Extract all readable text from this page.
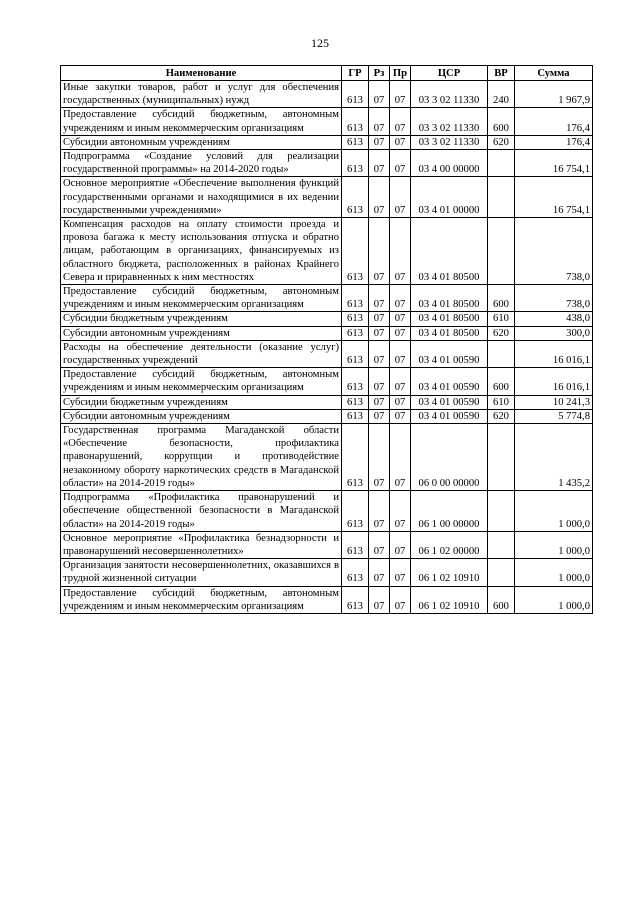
125
Наименование	ГР	Рз	Пр	ЦСР	ВР	Сумма
Иные закупки товаров, работ и услуг для обеспечения государственных (муниципальных) нужд	613	07	07	03 3 02 11330	240	1 967,9
Предоставление субсидий бюджетным, автономным учреждениям и иным некоммерческим организациям	613	07	07	03 3 02 11330	600	176,4
Субсидии автономным учреждениям	613	07	07	03 3 02 11330	620	176,4
Подпрограмма «Создание условий для реализации государственной программы» на 2014-2020 годы»	613	07	07	03 4 00 00000		16 754,1
Основное мероприятие «Обеспечение выполнения функций государственными органами и находящимися в их ведении государственными учреждениями»	613	07	07	03 4 01 00000		16 754,1
Компенсация расходов на оплату стоимости проезда и провоза багажа к месту использования отпуска и обратно лицам, работающим в организациях, финансируемых из областного бюджета, расположенных в районах Крайнего Севера и приравненных к ним местностях	613	07	07	03 4 01 80500		738,0
Предоставление субсидий бюджетным, автономным учреждениям и иным некоммерческим организациям	613	07	07	03 4 01 80500	600	738,0
Субсидии бюджетным учреждениям	613	07	07	03 4 01 80500	610	438,0
Субсидии автономным учреждениям	613	07	07	03 4 01 80500	620	300,0
Расходы на обеспечение деятельности (оказание услуг) государственных учреждений	613	07	07	03 4 01 00590		16 016,1
Предоставление субсидий бюджетным, автономным учреждениям и иным некоммерческим организациям	613	07	07	03 4 01 00590	600	16 016,1
Субсидии бюджетным учреждениям	613	07	07	03 4 01 00590	610	10 241,3
Субсидии автономным учреждениям	613	07	07	03 4 01 00590	620	5 774,8
Государственная программа Магаданской области «Обеспечение безопасности, профилактика правонарушений, коррупции и противодействие незаконному обороту наркотических средств в Магаданской области» на 2014-2019 годы»	613	07	07	06 0 00 00000		1 435,2
Подпрограмма «Профилактика правонарушений и обеспечение общественной безопасности в Магаданской области» на 2014-2019 годы»	613	07	07	06 1 00 00000		1 000,0
Основное мероприятие «Профилактика безнадзорности и правонарушений несовершеннолетних»	613	07	07	06 1 02 00000		1 000,0
Организация занятости несовершеннолетних, оказавшихся в трудной жизненной ситуации	613	07	07	06 1 02 10910		1 000,0
Предоставление субсидий бюджетным, автономным учреждениям и иным некоммерческим организациям	613	07	07	06 1 02 10910	600	1 000,0
